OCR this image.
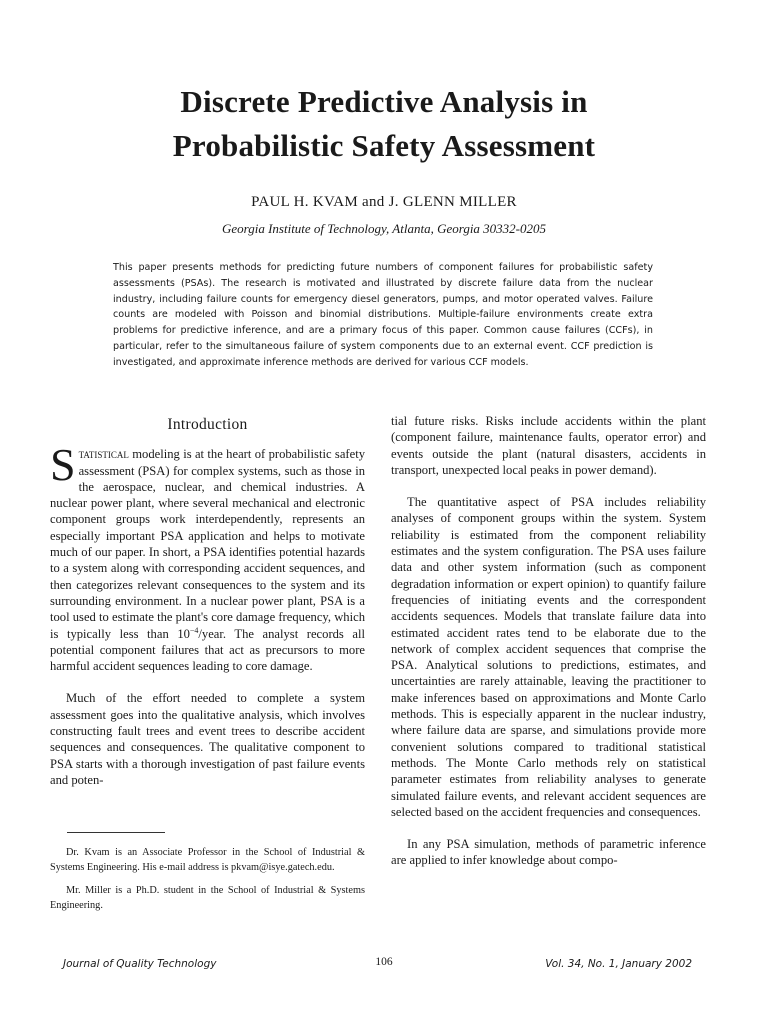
Discrete Predictive Analysis in
Probabilistic Safety Assessment
PAUL H. KVAM and J. GLENN MILLER
Georgia Institute of Technology, Atlanta, Georgia 30332-0205
This paper presents methods for predicting future numbers of component failures for probabilistic safety assessments (PSAs). The research is motivated and illustrated by discrete failure data from the nuclear industry, including failure counts for emergency diesel generators, pumps, and motor operated valves. Failure counts are modeled with Poisson and binomial distributions. Multiple-failure environments create extra problems for predictive inference, and are a primary focus of this paper. Common cause failures (CCFs), in particular, refer to the simultaneous failure of system components due to an external event. CCF prediction is investigated, and approximate inference methods are derived for various CCF models.
Introduction

Statistical modeling is at the heart of probabilistic safety assessment (PSA) for complex systems, such as those in the aerospace, nuclear, and chemical industries. A nuclear power plant, where several mechanical and electronic component groups work interdependently, represents an especially important PSA application and helps to motivate much of our paper. In short, a PSA identifies potential hazards to a system along with corresponding accident sequences, and then categorizes relevant consequences to the system and its surrounding environment. In a nuclear power plant, PSA is a tool used to estimate the plant's core damage frequency, which is typically less than $10^{-4}$/year. The analyst records all potential component failures that act as precursors to more harmful accident sequences leading to core damage.

Much of the effort needed to complete a system assessment goes into the qualitative analysis, which involves constructing fault trees and event trees to describe accident sequences and consequences. The qualitative component to PSA starts with a thorough investigation of past failure events and poten-

Dr. Kvam is an Associate Professor in the School of Industrial & Systems Engineering. His e-mail address is pkvam@isye.gatech.edu.

Mr. Miller is a Ph.D. student in the School of Industrial & Systems Engineering.

tial future risks. Risks include accidents within the plant (component failure, maintenance faults, operator error) and events outside the plant (natural disasters, accidents in transport, unexpected local peaks in power demand).

The quantitative aspect of PSA includes reliability analyses of component groups within the system. System reliability is estimated from the component reliability estimates and the system configuration. The PSA uses failure data and other system information (such as component degradation information or expert opinion) to quantify failure frequencies of initiating events and the correspondent accidents sequences. Models that translate failure data into estimated accident rates tend to be elaborate due to the network of complex accident sequences that comprise the PSA. Analytical solutions to predictions, estimates, and uncertainties are rarely attainable, leaving the practitioner to make inferences based on approximations and Monte Carlo methods. This is especially apparent in the nuclear industry, where failure data are sparse, and simulations provide more convenient solutions compared to traditional statistical methods. The Monte Carlo methods rely on statistical parameter estimates from reliability analyses to generate simulated failure events, and relevant accident sequences are selected based on the accident frequencies and consequences.

In any PSA simulation, methods of parametric inference are applied to infer knowledge about compo-

Journal of Quality Technology	106	Vol. 34, No. 1, January 2002
